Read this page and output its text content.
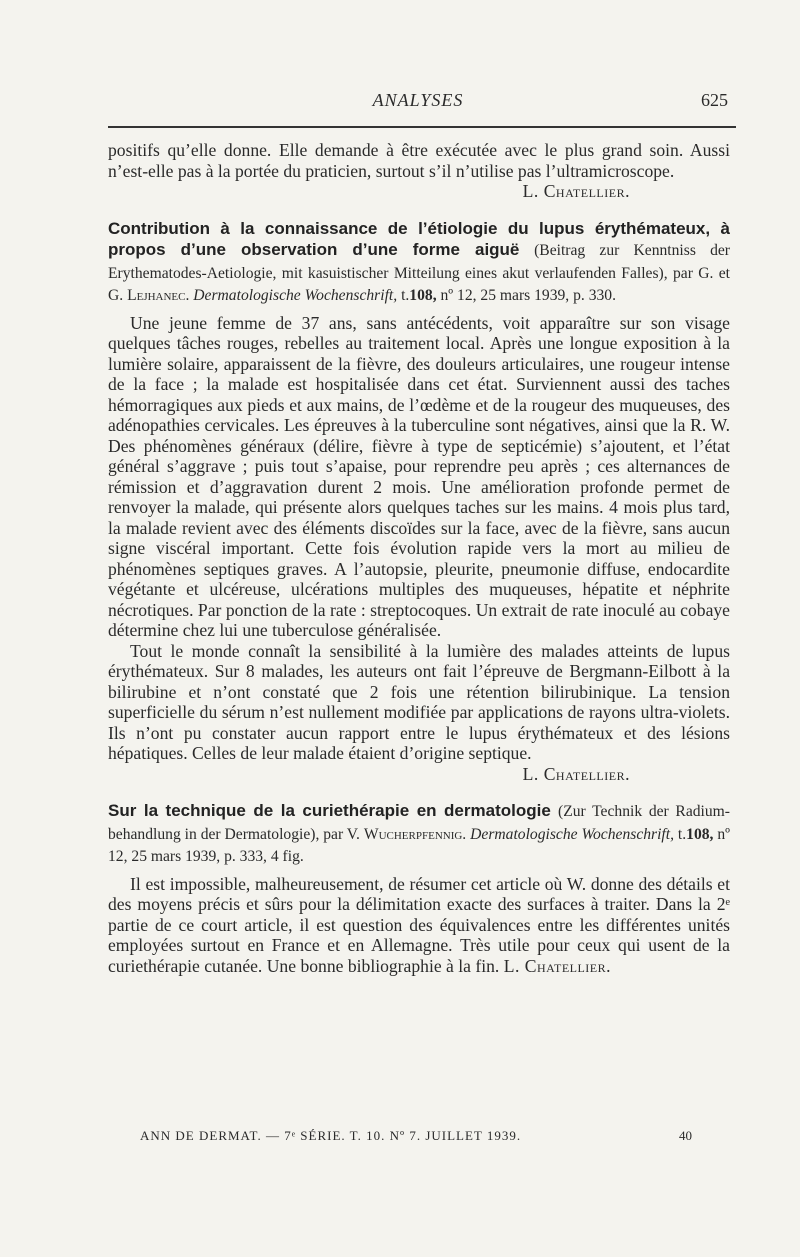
ANALYSES	625

positifs qu’elle donne. Elle demande à être exécutée avec le plus grand soin. Aussi n’est-elle pas à la portée du praticien, surtout s’il n’utilise pas l’ultramicroscope.

L. Chatellier.

Contribution à la connaissance de l’étiologie du lupus érythémateux, à propos d’une observation d’une forme aiguë (Beitrag zur Kenntniss der Erythematodes-Aetiologie, mit kasuistischer Mitteilung eines akut verlaufenden Falles), par G. et G. Lejhanec. Dermatologische Wochenschrift, t.108, nº 12, 25 mars 1939, p. 330.

Une jeune femme de 37 ans, sans antécédents, voit apparaître sur son visage quelques tâches rouges, rebelles au traitement local. Après une longue exposition à la lumière solaire, apparaissent de la fièvre, des douleurs articulaires, une rougeur intense de la face ; la malade est hospitalisée dans cet état. Surviennent aussi des taches hémorragiques aux pieds et aux mains, de l’œdème et de la rougeur des muqueuses, des adénopathies cervicales. Les épreuves à la tuberculine sont négatives, ainsi que la R. W. Des phénomènes généraux (délire, fièvre à type de septicémie) s’ajoutent, et l’état général s’aggrave ; puis tout s’apaise, pour reprendre peu après ; ces alternances de rémission et d’aggravation durent 2 mois. Une amélioration profonde permet de renvoyer la malade, qui présente alors quelques taches sur les mains. 4 mois plus tard, la malade revient avec des éléments discoïdes sur la face, avec de la fièvre, sans aucun signe viscéral important. Cette fois évolution rapide vers la mort au milieu de phénomènes septiques graves. A l’autopsie, pleurite, pneumonie diffuse, endocardite végétante et ulcéreuse, ulcérations multiples des muqueuses, hépatite et néphrite nécrotiques. Par ponction de la rate : streptocoques. Un extrait de rate inoculé au cobaye détermine chez lui une tuberculose généralisée.

Tout le monde connaît la sensibilité à la lumière des malades atteints de lupus érythémateux. Sur 8 malades, les auteurs ont fait l’épreuve de Bergmann-Eilbott à la bilirubine et n’ont constaté que 2 fois une rétention bilirubinique. La tension superficielle du sérum n’est nullement modifiée par applications de rayons ultra-violets. Ils n’ont pu constater aucun rapport entre le lupus érythémateux et des lésions hépatiques. Celles de leur malade étaient d’origine septique.

L. Chatellier.

Sur la technique de la curiethérapie en dermatologie (Zur Technik der Radium-behandlung in der Dermatologie), par V. Wucherpfennig. Dermatologische Wochenschrift, t.108, nº 12, 25 mars 1939, p. 333, 4 fig.

Il est impossible, malheureusement, de résumer cet article où W. donne des détails et des moyens précis et sûrs pour la délimitation exacte des surfaces à traiter. Dans la 2ᵉ partie de ce court article, il est question des équivalences entre les différentes unités employées surtout en France et en Allemagne. Très utile pour ceux qui usent de la curiethérapie cutanée. Une bonne bibliographie à la fin. L. Chatellier.

ANN DE DERMAT. — 7ᵉ SÉRIE. T. 10. Nº 7. JUILLET 1939.	40
